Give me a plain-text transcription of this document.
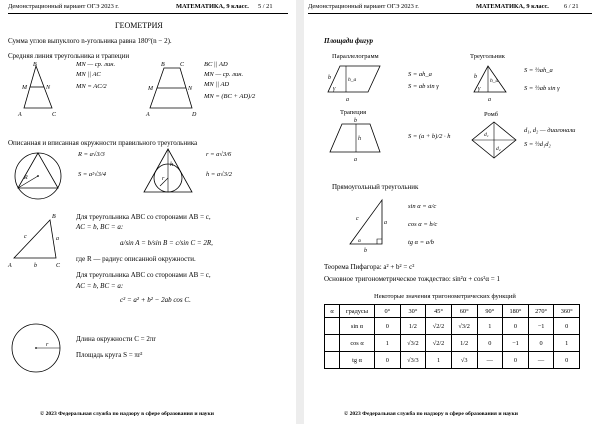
Демонстрационный вариант ОГЭ 2023 г.	МАТЕМАТИКА, 9 класс. 5 / 21
ГЕОМЕТРИЯ
Сумма углов выпуклого n-угольника равна 180°(n − 2).
Средняя линия треугольника и трапеции
B
M	N
A	C
MN — ср. лин.
MN || AC
MN = AC/2
B	C
M	N
A	D
BC || AD
MN — ср. лин.
MN || AD
MN = (BC + AD)/2
Описанная и вписанная окружности правильного треугольника
R
R = a√3/3
S = a²√3/4
r
h
r = a√3/6
h = a√3/2
B
A	C
a
b
c
Для треугольника ABC со сторонами AB = c,
AC = b, BC = a:
a/sin A = b/sin B = c/sin C = 2R,
где R — радиус описанной окружности.
Для треугольника ABC со сторонами AB = c,
AC = b, BC = a:
c² = a² + b² − 2ab cos C.
r
Длина окружности C = 2πr
Площадь круга S = πr²
© 2023 Федеральная служба по надзору в сфере образования и науки
Демонстрационный вариант ОГЭ 2023 г.	МАТЕМАТИКА, 9 класс. 6 / 21
Площади фигур
Параллелограмм
b
γ
h_a
a
S = ah_a
S = ab sin γ
Треугольник
b
γ
h_a
a
S = ½ah_a
S = ½ab sin γ
Трапеция
b
h
a
S = (a + b)/2 · h
Ромб
d₁
d₂
d₁, d₂ — диагонали
S = ½d₁d₂
Прямоугольный треугольник
c
a
b
α
sin α = a/c
cos α = b/c
tg α = a/b
Теорема Пифагора: a² + b² = c²
Основное тригонометрическое тождество: sin²α + cos²α = 1
Некоторые значения тригонометрических функций
α	градусы	0°	30°	45°	60°	90°	180°	270°	360°
	sin α	0	1/2	√2/2	√3/2	1	0	−1	0
	cos α	1	√3/2	√2/2	1/2	0	−1	0	1
	tg α	0	√3/3	1	√3	—	0	—	0
© 2023 Федеральная служба по надзору в сфере образования и науки
